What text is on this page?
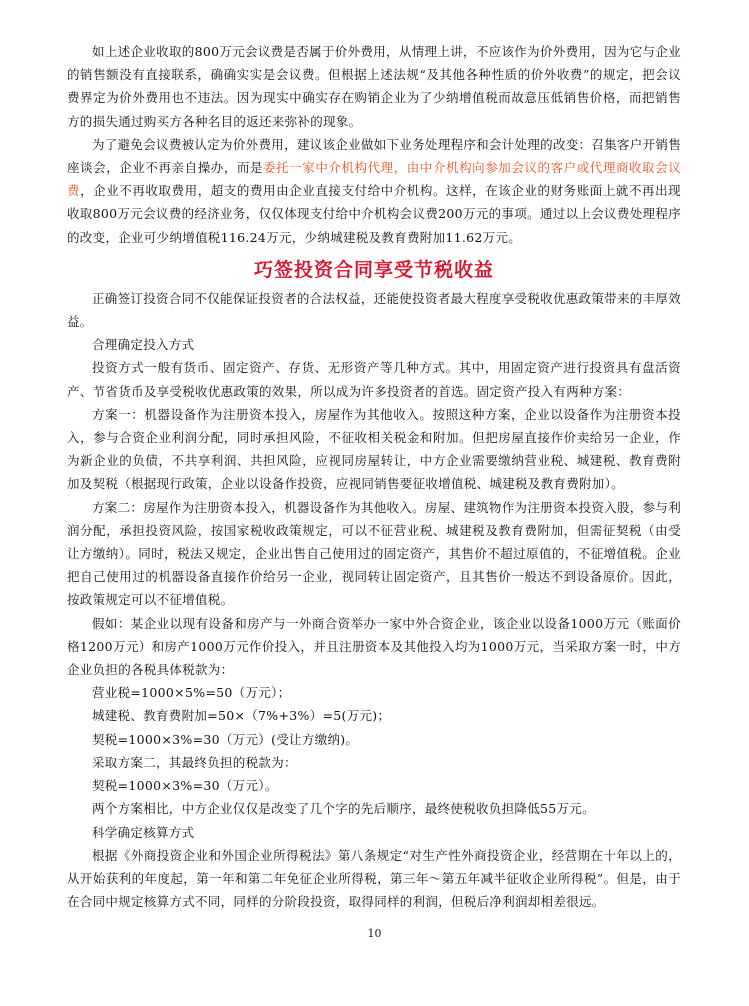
如上述企业收取的800万元会议费是否属于价外费用，从情理上讲，不应该作为价外费用，因为它与企业的销售额没有直接联系，确确实实是会议费。但根据上述法规“及其他各种性质的价外收费”的规定，把会议费界定为价外费用也不违法。因为现实中确实存在购销企业为了少纳增值税而故意压低销售价格，而把销售方的损失通过购买方各种名目的返还来弥补的现象。

为了避免会议费被认定为价外费用，建议该企业做如下业务处理程序和会计处理的改变：召集客户开销售座谈会，企业不再亲自操办，而是委托一家中介机构代理，由中介机构向参加会议的客户或代理商收取会议费，企业不再收取费用，超支的费用由企业直接支付给中介机构。这样，在该企业的财务账面上就不再出现收取800万元会议费的经济业务，仅仅体现支付给中介机构会议费200万元的事项。通过以上会议费处理程序的改变，企业可少纳增值税116.24万元，少纳城建税及教育费附加11.62万元。

巧签投资合同享受节税收益

正确签订投资合同不仅能保证投资者的合法权益，还能使投资者最大程度享受税收优惠政策带来的丰厚效益。

合理确定投入方式

投资方式一般有货币、固定资产、存货、无形资产等几种方式。其中，用固定资产进行投资具有盘活资产、节省货币及享受税收优惠政策的效果，所以成为许多投资者的首选。固定资产投入有两种方案：

方案一：机器设备作为注册资本投入，房屋作为其他收入。按照这种方案，企业以设备作为注册资本投入，参与合资企业利润分配，同时承担风险，不征收相关税金和附加。但把房屋直接作价卖给另一企业，作为新企业的负债，不共享利润、共担风险，应视同房屋转让，中方企业需要缴纳营业税、城建税、教育费附加及契税（根据现行政策，企业以设备作投资，应视同销售要征收增值税、城建税及教育费附加）。

方案二：房屋作为注册资本投入，机器设备作为其他收入。房屋、建筑物作为注册资本投资入股，参与利润分配，承担投资风险，按国家税收政策规定，可以不征营业税、城建税及教育费附加，但需征契税（由受让方缴纳）。同时，税法又规定，企业出售自己使用过的固定资产，其售价不超过原值的，不征增值税。企业把自己使用过的机器设备直接作价给另一企业，视同转让固定资产，且其售价一般达不到设备原价。因此，按政策规定可以不征增值税。

假如：某企业以现有设备和房产与一外商合资举办一家中外合资企业，该企业以设备1000万元（账面价格1200万元）和房产1000万元作价投入，并且注册资本及其他投入均为1000万元，当采取方案一时，中方企业负担的各税具体税款为：

营业税=1000×5%=50（万元）；

城建税、教育费附加=50×（7%+3%）=5(万元)；

契税=1000×3%=30（万元）(受让方缴纳)。

采取方案二，其最终负担的税款为：

契税=1000×3%=30（万元）。

两个方案相比，中方企业仅仅是改变了几个字的先后顺序，最终使税收负担降低55万元。

科学确定核算方式

根据《外商投资企业和外国企业所得税法》第八条规定“对生产性外商投资企业，经营期在十年以上的，从开始获利的年度起，第一年和第二年免征企业所得税，第三年～第五年减半征收企业所得税”。但是，由于在合同中规定核算方式不同，同样的分阶段投资，取得同样的利润，但税后净利润却相差很远。

10
